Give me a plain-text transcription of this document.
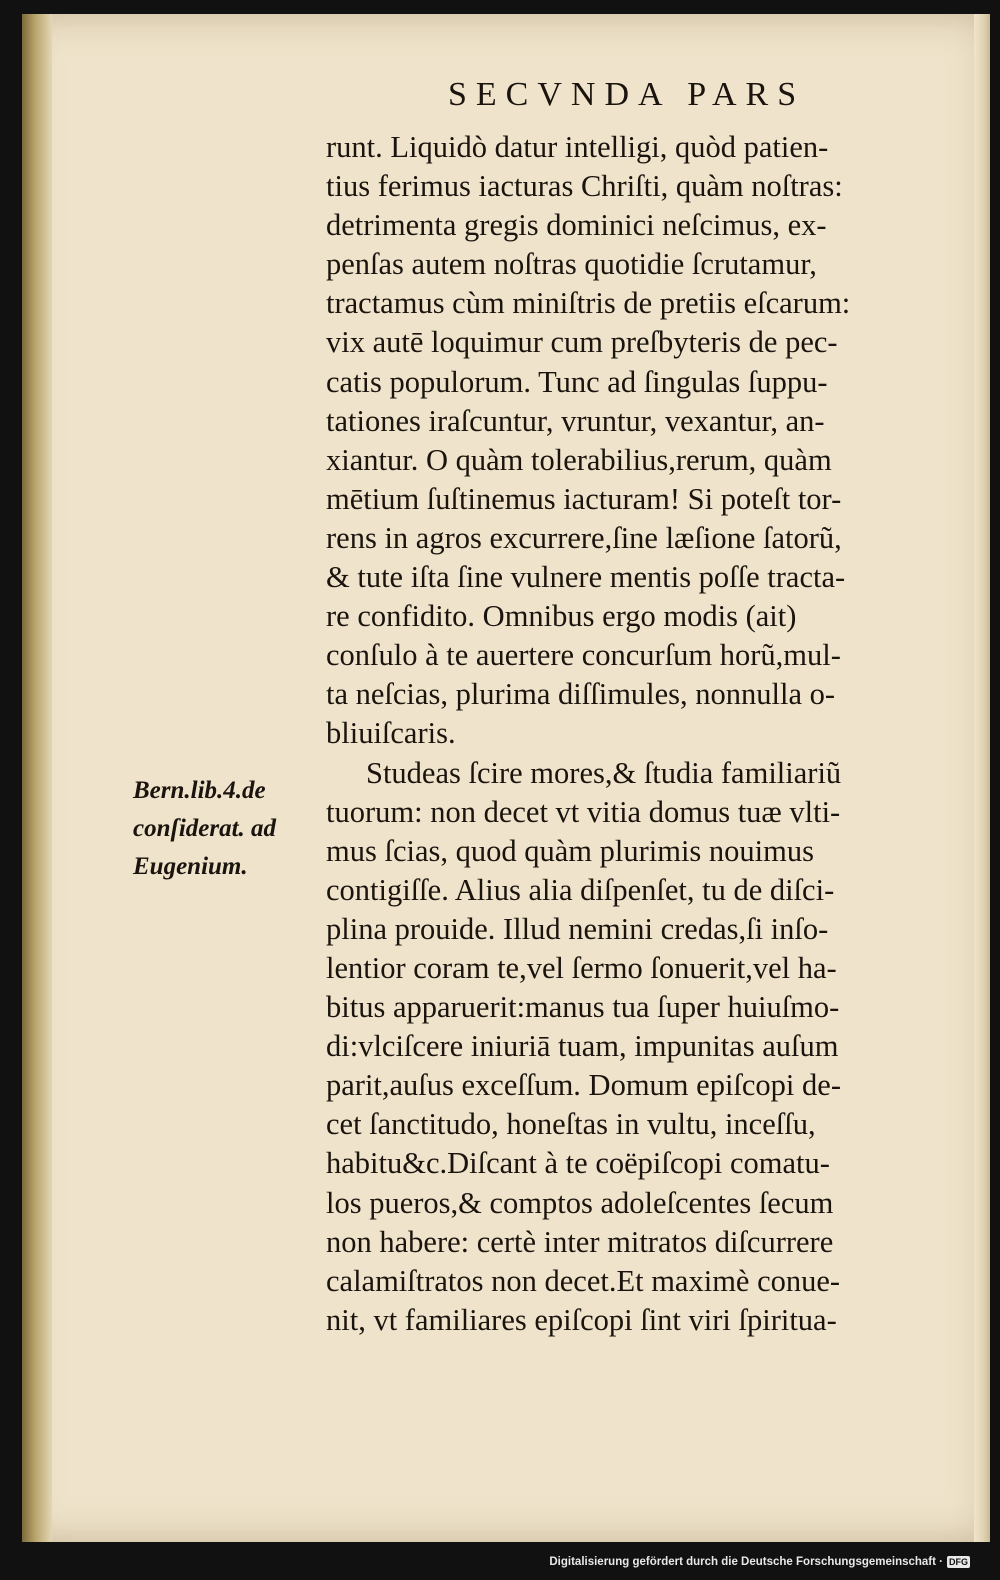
SECVNDA PARS
runt. Liquidò datur intelligi, quòd patien-
tius ferimus iacturas Chriſti, quàm noſtras:
detrimenta gregis dominici neſcimus, ex-
penſas autem noſtras quotidie ſcrutamur,
tractamus cùm miniſtris de pretiis eſcarum:
vix autē loquimur cum preſbyteris de pec-
catis populorum. Tunc ad ſingulas ſuppu-
tationes iraſcuntur, vruntur, vexantur, an-
xiantur. O quàm tolerabilius,rerum, quàm
mētium ſuſtinemus iacturam! Si poteſt tor-
rens in agros excurrere,ſine læſione ſatorũ,
& tute iſta ſine vulnere mentis poſſe tracta-
re confidito. Omnibus ergo modis (ait)
conſulo à te auertere concurſum horũ,mul-
ta neſcias, plurima diſſimules, nonnulla o-
bliuiſcaris.
Studeas ſcire mores,& ſtudia familiariũ
tuorum: non decet vt vitia domus tuæ vlti-
mus ſcias, quod quàm plurimis nouimus
contigiſſe. Alius alia diſpenſet, tu de diſci-
plina prouide. Illud nemini credas,ſi inſo-
lentior coram te,vel ſermo ſonuerit,vel ha-
bitus apparuerit:manus tua ſuper huiuſmo-
di:vlciſcere iniuriā tuam, impunitas auſum
parit,auſus exceſſum. Domum epiſcopi de-
cet ſanctitudo, honeſtas in vultu, inceſſu,
habitu&c.Diſcant à te coëpiſcopi comatu-
los pueros,& comptos adoleſcentes ſecum
non habere: certè inter mitratos diſcurrere
calamiſtratos non decet.Et maximè conue-
nit, vt familiares epiſcopi ſint viri ſpiritua-
Bern.lib.4.de
conſiderat. ad
Eugenium.
Digitalisierung gefördert durch die Deutsche Forschungsgemeinschaft · DFG
